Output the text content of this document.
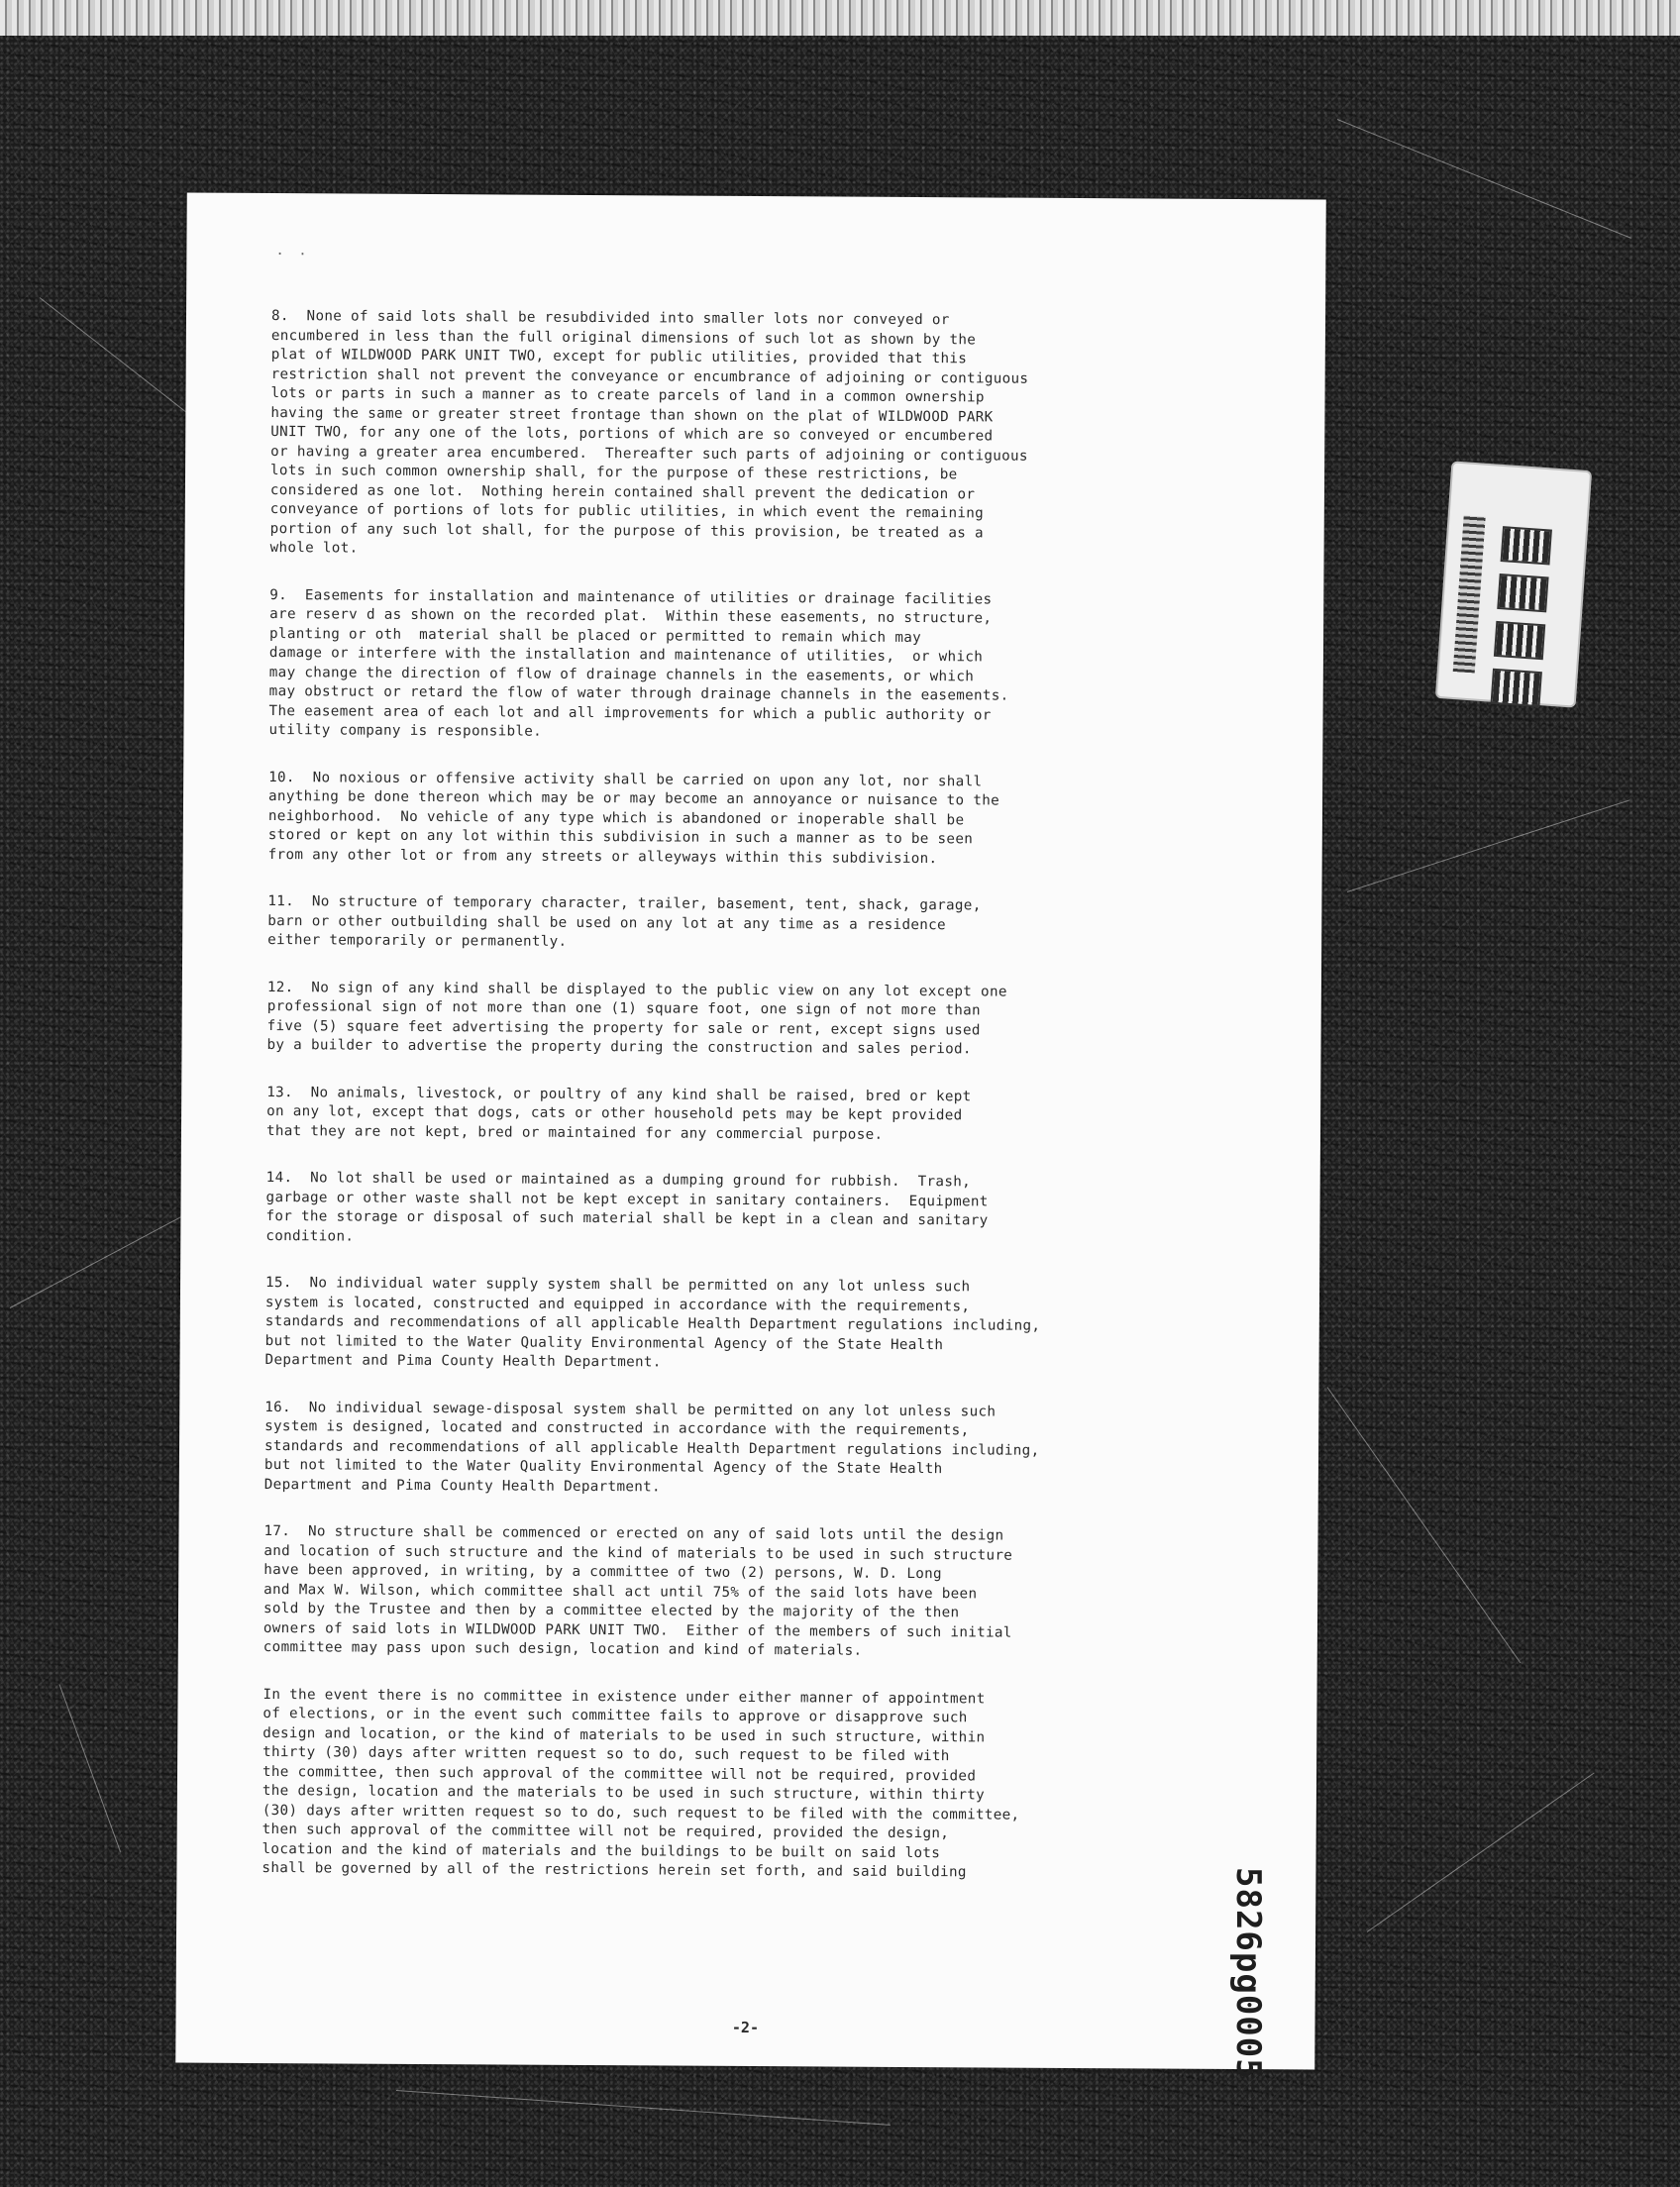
. .

8.  None of said lots shall be resubdivided into smaller lots nor conveyed or
encumbered in less than the full original dimensions of such lot as shown by the
plat of WILDWOOD PARK UNIT TWO, except for public utilities, provided that this
restriction shall not prevent the conveyance or encumbrance of adjoining or contiguous
lots or parts in such a manner as to create parcels of land in a common ownership
having the same or greater street frontage than shown on the plat of WILDWOOD PARK
UNIT TWO, for any one of the lots, portions of which are so conveyed or encumbered
or having a greater area encumbered.  Thereafter such parts of adjoining or contiguous
lots in such common ownership shall, for the purpose of these restrictions, be
considered as one lot.  Nothing herein contained shall prevent the dedication or
conveyance of portions of lots for public utilities, in which event the remaining
portion of any such lot shall, for the purpose of this provision, be treated as a
whole lot.

9.  Easements for installation and maintenance of utilities or drainage facilities
are reserv d as shown on the recorded plat.  Within these easements, no structure,
planting or oth  material shall be placed or permitted to remain which may
damage or interfere with the installation and maintenance of utilities,  or which
may change the direction of flow of drainage channels in the easements, or which
may obstruct or retard the flow of water through drainage channels in the easements.
The easement area of each lot and all improvements for which a public authority or
utility company is responsible.

10.  No noxious or offensive activity shall be carried on upon any lot, nor shall
anything be done thereon which may be or may become an annoyance or nuisance to the
neighborhood.  No vehicle of any type which is abandoned or inoperable shall be
stored or kept on any lot within this subdivision in such a manner as to be seen
from any other lot or from any streets or alleyways within this subdivision.

11.  No structure of temporary character, trailer, basement, tent, shack, garage,
barn or other outbuilding shall be used on any lot at any time as a residence
either temporarily or permanently.

12.  No sign of any kind shall be displayed to the public view on any lot except one
professional sign of not more than one (1) square foot, one sign of not more than
five (5) square feet advertising the property for sale or rent, except signs used
by a builder to advertise the property during the construction and sales period.

13.  No animals, livestock, or poultry of any kind shall be raised, bred or kept
on any lot, except that dogs, cats or other household pets may be kept provided
that they are not kept, bred or maintained for any commercial purpose.

14.  No lot shall be used or maintained as a dumping ground for rubbish.  Trash,
garbage or other waste shall not be kept except in sanitary containers.  Equipment
for the storage or disposal of such material shall be kept in a clean and sanitary
condition.

15.  No individual water supply system shall be permitted on any lot unless such
system is located, constructed and equipped in accordance with the requirements,
standards and recommendations of all applicable Health Department regulations including,
but not limited to the Water Quality Environmental Agency of the State Health
Department and Pima County Health Department.

16.  No individual sewage-disposal system shall be permitted on any lot unless such
system is designed, located and constructed in accordance with the requirements,
standards and recommendations of all applicable Health Department regulations including,
but not limited to the Water Quality Environmental Agency of the State Health
Department and Pima County Health Department.

17.  No structure shall be commenced or erected on any of said lots until the design
and location of such structure and the kind of materials to be used in such structure
have been approved, in writing, by a committee of two (2) persons, W. D. Long
and Max W. Wilson, which committee shall act until 75% of the said lots have been
sold by the Trustee and then by a committee elected by the majority of the then
owners of said lots in WILDWOOD PARK UNIT TWO.  Either of the members of such initial
committee may pass upon such design, location and kind of materials.

In the event there is no committee in existence under either manner of appointment
of elections, or in the event such committee fails to approve or disapprove such
design and location, or the kind of materials to be used in such structure, within
thirty (30) days after written request so to do, such request to be filed with
the committee, then such approval of the committee will not be required, provided
the design, location and the materials to be used in such structure, within thirty
(30) days after written request so to do, such request to be filed with the committee,
then such approval of the committee will not be required, provided the design,
location and the kind of materials and the buildings to be built on said lots
shall be governed by all of the restrictions herein set forth, and said building

-2-
